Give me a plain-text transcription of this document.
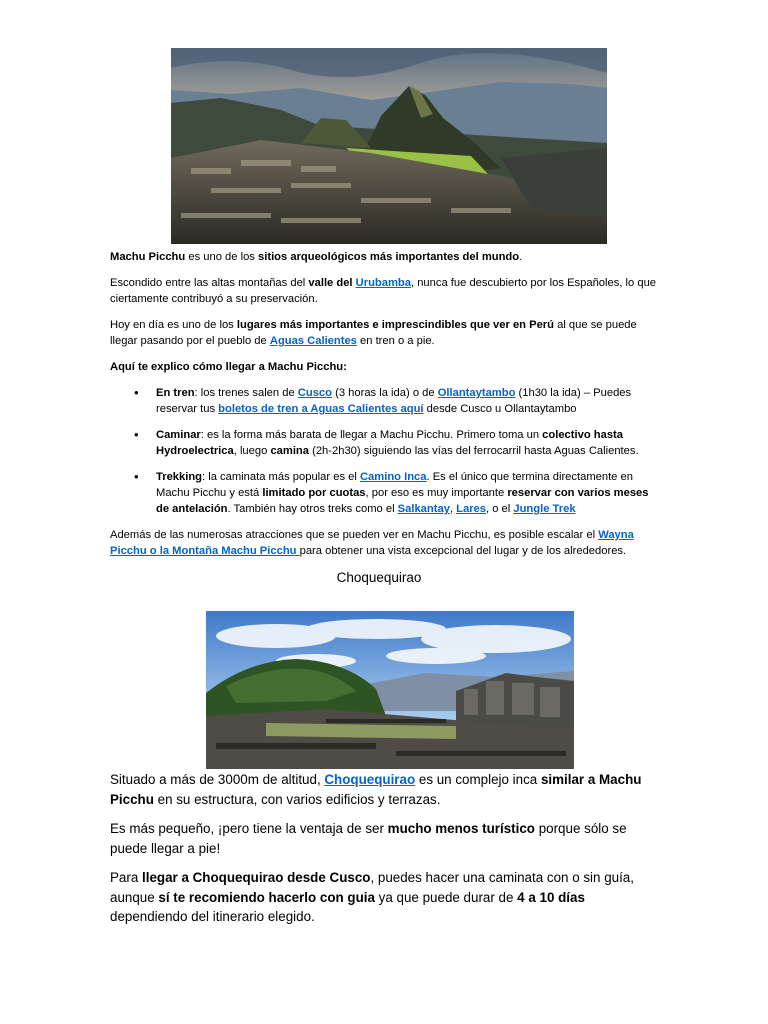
Machu Picchu es uno de los sitios arqueológicos más importantes del mundo.

Escondido entre las altas montañas del valle del Urubamba, nunca fue descubierto por los Españoles, lo que ciertamente contribuyó a su preservación.

Hoy en día es uno de los lugares más importantes e imprescindibles que ver en Perú al que se puede llegar pasando por el pueblo de Aguas Calientes en tren o a pie.

Aquí te explico cómo llegar a Machu Picchu:

• En tren: los trenes salen de Cusco (3 horas la ida) o de Ollantaytambo (1h30 la ida) – Puedes reservar tus boletos de tren a Aguas Calientes aquí desde Cusco u Ollantaytambo
• Caminar: es la forma más barata de llegar a Machu Picchu. Primero toma un colectivo hasta Hydroelectrica, luego camina (2h-2h30) siguiendo las vías del ferrocarril hasta Aguas Calientes.
• Trekking: la caminata más popular es el Camino Inca. Es el único que termina directamente en Machu Picchu y está limitado por cuotas, por eso es muy importante reservar con varios meses de antelación. También hay otros treks como el Salkantay, Lares, o el Jungle Trek

Además de las numerosas atracciones que se pueden ver en Machu Picchu, es posible escalar el Wayna Picchu o la Montaña Machu Picchu para obtener una vista excepcional del lugar y de los alrededores.

Choquequirao

Situado a más de 3000m de altitud, Choquequirao es un complejo inca similar a Machu Picchu en su estructura, con varios edificios y terrazas.

Es más pequeño, ¡pero tiene la ventaja de ser mucho menos turístico porque sólo se puede llegar a pie!

Para llegar a Choquequirao desde Cusco, puedes hacer una caminata con o sin guía, aunque sí te recomiendo hacerlo con guia ya que puede durar de 4 a 10 días dependiendo del itinerario elegido.
